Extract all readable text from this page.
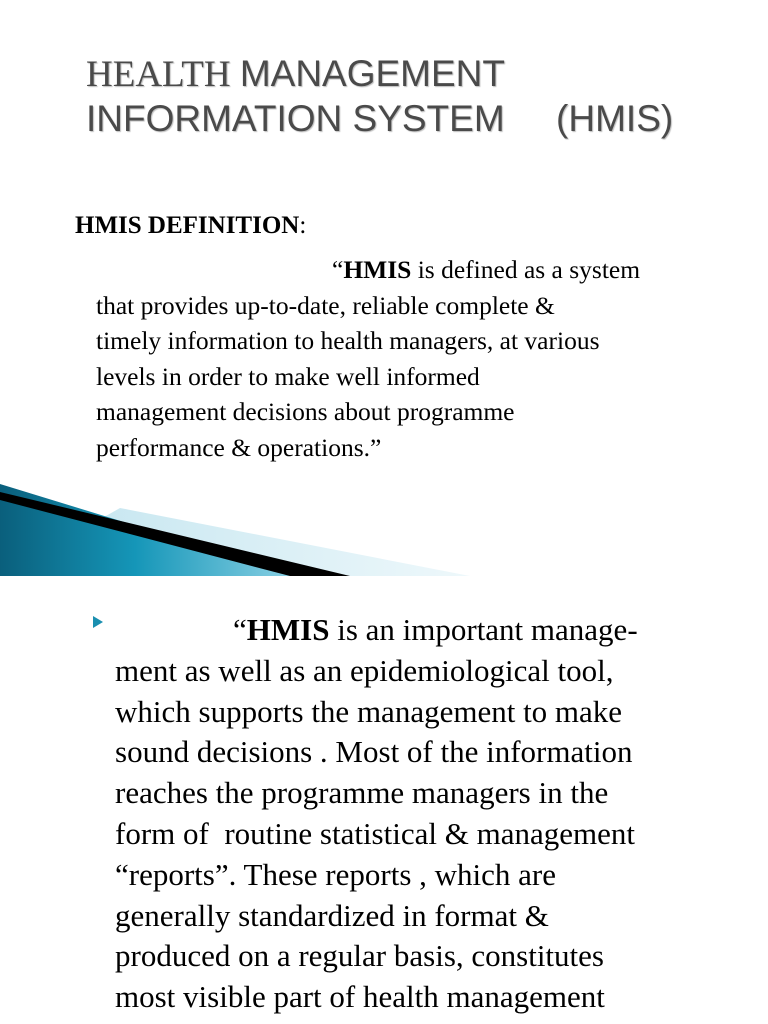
HEALTH MANAGEMENT
INFORMATION SYSTEM     (HMIS)
HMIS DEFINITION:
“HMIS is defined as a system
that provides up-to-date, reliable complete &
timely information to health managers, at various
levels in order to make well informed
management decisions about programme
performance & operations.”
“HMIS is an important manage-
ment as well as an epidemiological tool,
which supports the management to make
sound decisions . Most of the information
reaches the programme managers in the
form of  routine statistical & management
“reports”. These reports , which are
generally standardized in format &
produced on a regular basis, constitutes
most visible part of health management
